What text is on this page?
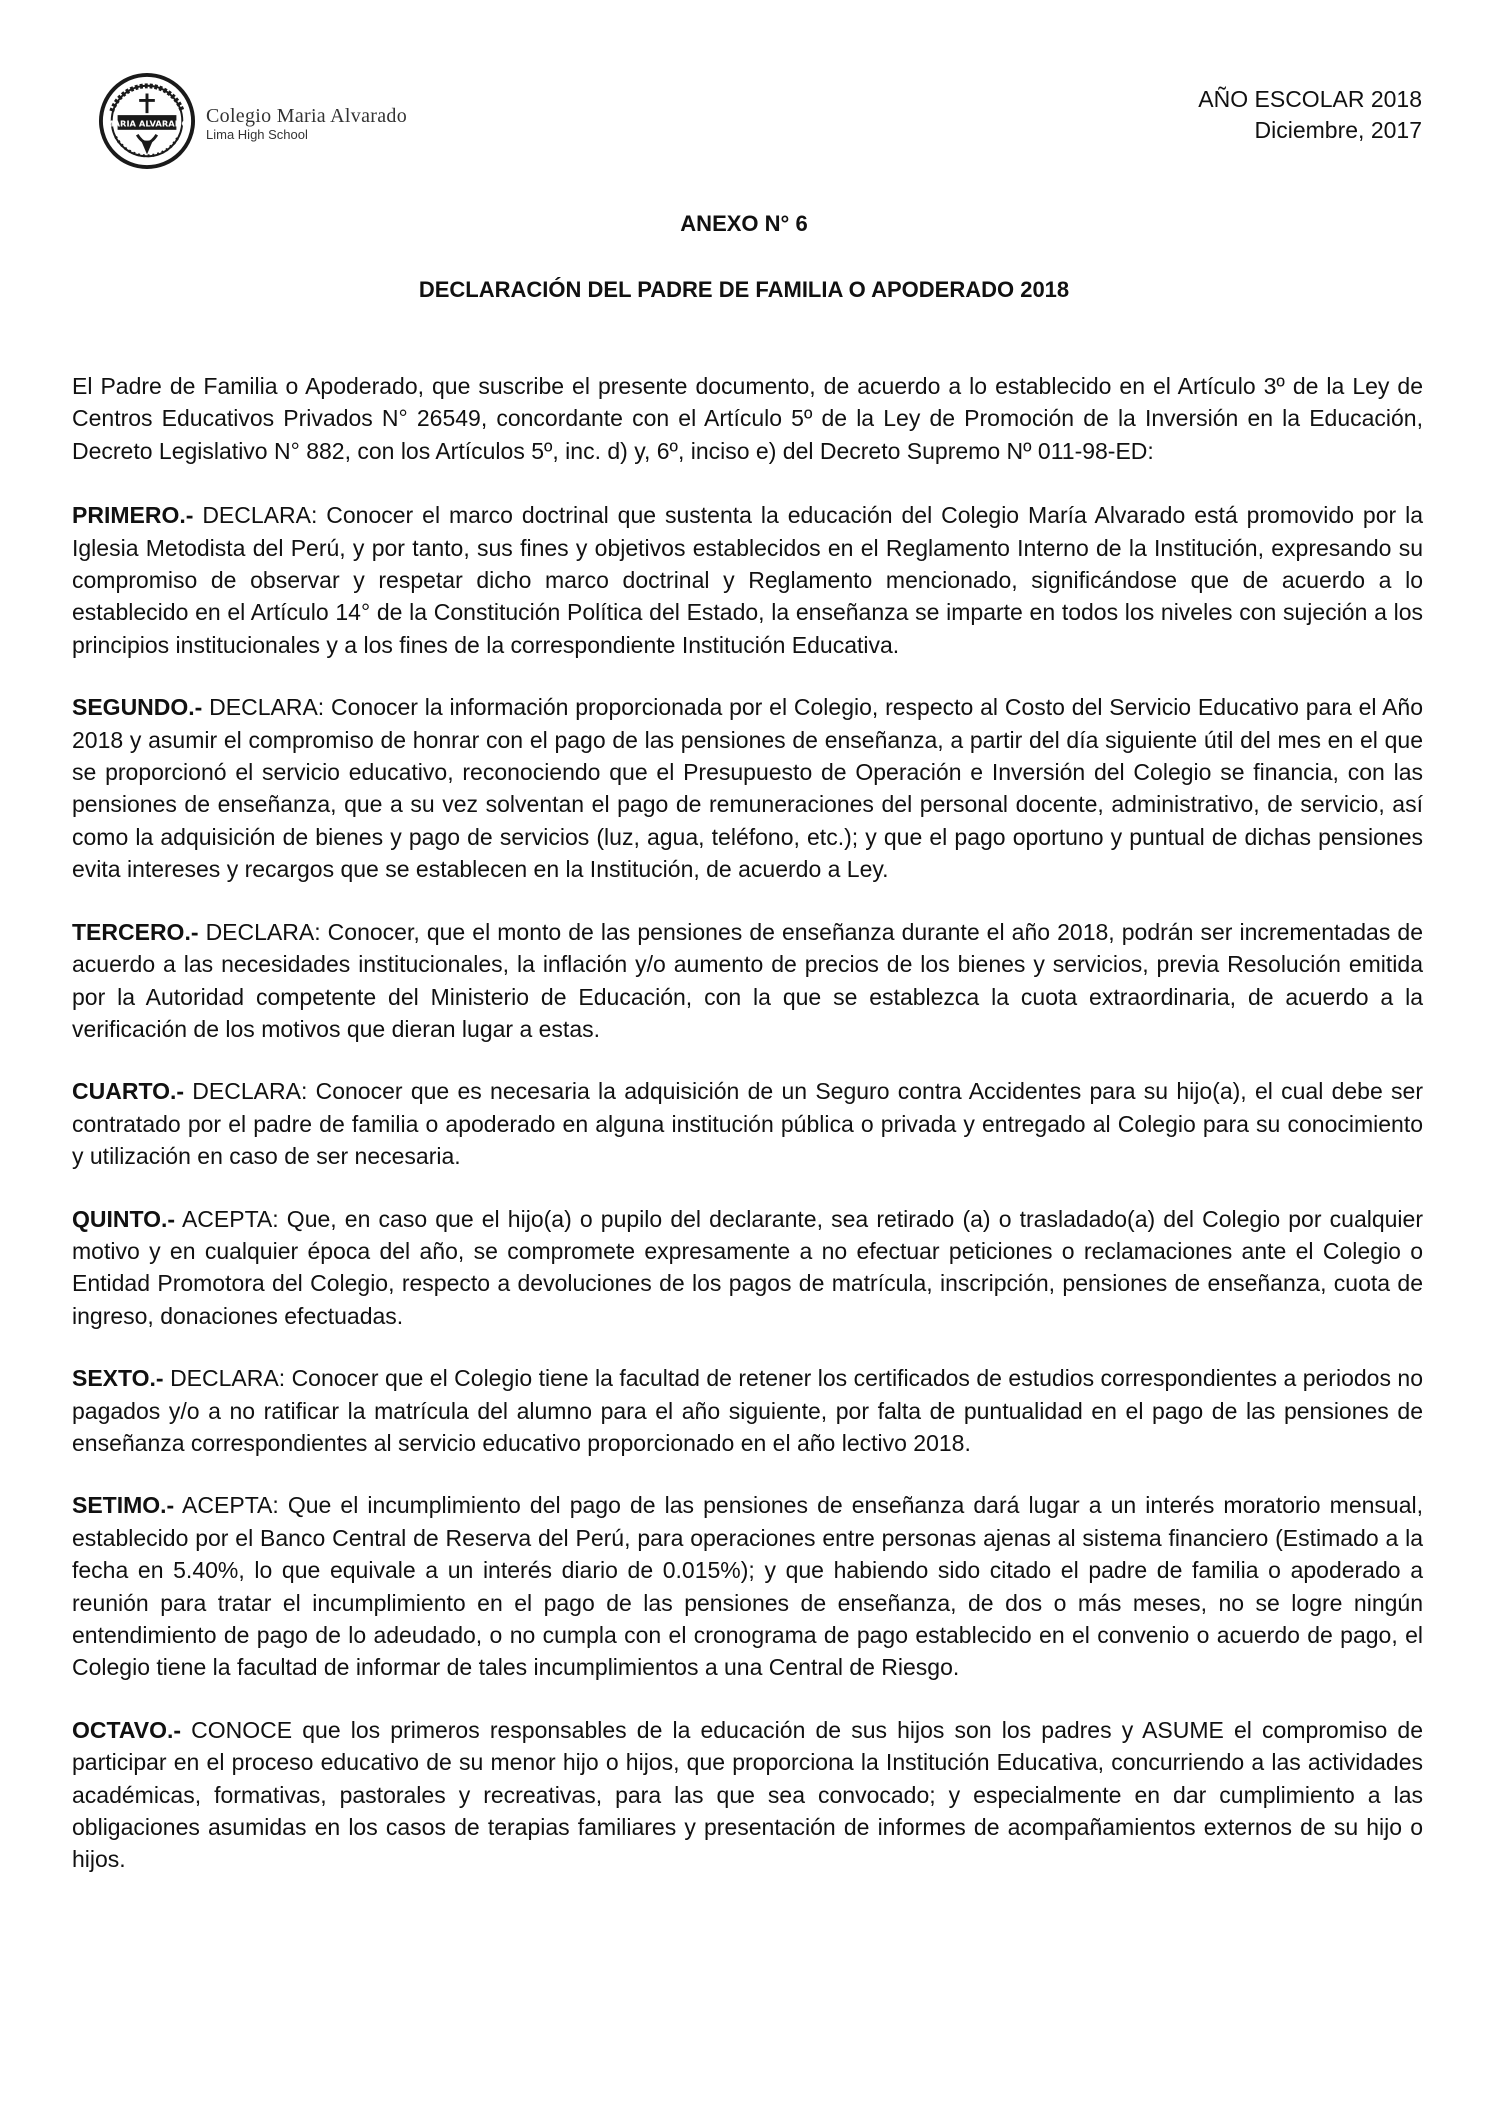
MARIA ALVARADO Colegio Maria Alvarado
Lima High School
AÑO ESCOLAR 2018
Diciembre, 2017
ANEXO N° 6
DECLARACIÓN DEL PADRE DE FAMILIA O APODERADO 2018

El Padre de Familia o Apoderado, que suscribe el presente documento, de acuerdo a lo establecido en el Artículo 3º de la Ley de Centros Educativos Privados N° 26549, concordante con el Artículo 5º de la Ley de Promoción de la Inversión en la Educación, Decreto Legislativo N° 882, con los Artículos 5º, inc. d) y, 6º, inciso e) del Decreto Supremo Nº 011-98-ED:

PRIMERO.- DECLARA: Conocer el marco doctrinal que sustenta la educación del Colegio María Alvarado está promovido por la Iglesia Metodista del Perú, y por tanto, sus fines y objetivos establecidos en el Reglamento Interno de la Institución, expresando su compromiso de observar y respetar dicho marco doctrinal y Reglamento mencionado, significándose que de acuerdo a lo establecido en el Artículo 14° de la Constitución Política del Estado, la enseñanza se imparte en todos los niveles con sujeción a los principios institucionales y a los fines de la correspondiente Institución Educativa.

SEGUNDO.- DECLARA: Conocer la información proporcionada por el Colegio, respecto al Costo del Servicio Educativo para el Año 2018 y asumir el compromiso de honrar con el pago de las pensiones de enseñanza, a partir del día siguiente útil del mes en el que se proporcionó el servicio educativo, reconociendo que el Presupuesto de Operación e Inversión del Colegio se financia, con las pensiones de enseñanza, que a su vez solventan el pago de remuneraciones del personal docente, administrativo, de servicio, así como la adquisición de bienes y pago de servicios (luz, agua, teléfono, etc.); y que el pago oportuno y puntual de dichas pensiones evita intereses y recargos que se establecen en la Institución, de acuerdo a Ley.

TERCERO.- DECLARA: Conocer, que el monto de las pensiones de enseñanza durante el año 2018, podrán ser incrementadas de acuerdo a las necesidades institucionales, la inflación y/o aumento de precios de los bienes y servicios, previa Resolución emitida por la Autoridad competente del Ministerio de Educación, con la que se establezca la cuota extraordinaria, de acuerdo a la verificación de los motivos que dieran lugar a estas.

CUARTO.- DECLARA: Conocer que es necesaria la adquisición de un Seguro contra Accidentes para su hijo(a), el cual debe ser contratado por el padre de familia o apoderado en alguna institución pública o privada y entregado al Colegio para su conocimiento y utilización en caso de ser necesaria.

QUINTO.- ACEPTA: Que, en caso que el hijo(a) o pupilo del declarante, sea retirado (a) o trasladado(a) del Colegio por cualquier motivo y en cualquier época del año, se compromete expresamente a no efectuar peticiones o reclamaciones ante el Colegio o Entidad Promotora del Colegio, respecto a devoluciones de los pagos de matrícula, inscripción, pensiones de enseñanza, cuota de ingreso, donaciones efectuadas.

SEXTO.- DECLARA: Conocer que el Colegio tiene la facultad de retener los certificados de estudios correspondientes a periodos no pagados y/o a no ratificar la matrícula del alumno para el año siguiente, por falta de puntualidad en el pago de las pensiones de enseñanza correspondientes al servicio educativo proporcionado en el año lectivo 2018.

SETIMO.- ACEPTA: Que el incumplimiento del pago de las pensiones de enseñanza dará lugar a un interés moratorio mensual, establecido por el Banco Central de Reserva del Perú, para operaciones entre personas ajenas al sistema financiero (Estimado a la fecha en 5.40%, lo que equivale a un interés diario de 0.015%); y que habiendo sido citado el padre de familia o apoderado a reunión para tratar el incumplimiento en el pago de las pensiones de enseñanza, de dos o más meses, no se logre ningún entendimiento de pago de lo adeudado, o no cumpla con el cronograma de pago establecido en el convenio o acuerdo de pago, el Colegio tiene la facultad de informar de tales incumplimientos a una Central de Riesgo.

OCTAVO.- CONOCE que los primeros responsables de la educación de sus hijos son los padres y ASUME el compromiso de participar en el proceso educativo de su menor hijo o hijos, que proporciona la Institución Educativa, concurriendo a las actividades académicas, formativas, pastorales y recreativas, para las que sea convocado; y especialmente en dar cumplimiento a las obligaciones asumidas en los casos de terapias familiares y presentación de informes de acompañamientos externos de su hijo o hijos.
